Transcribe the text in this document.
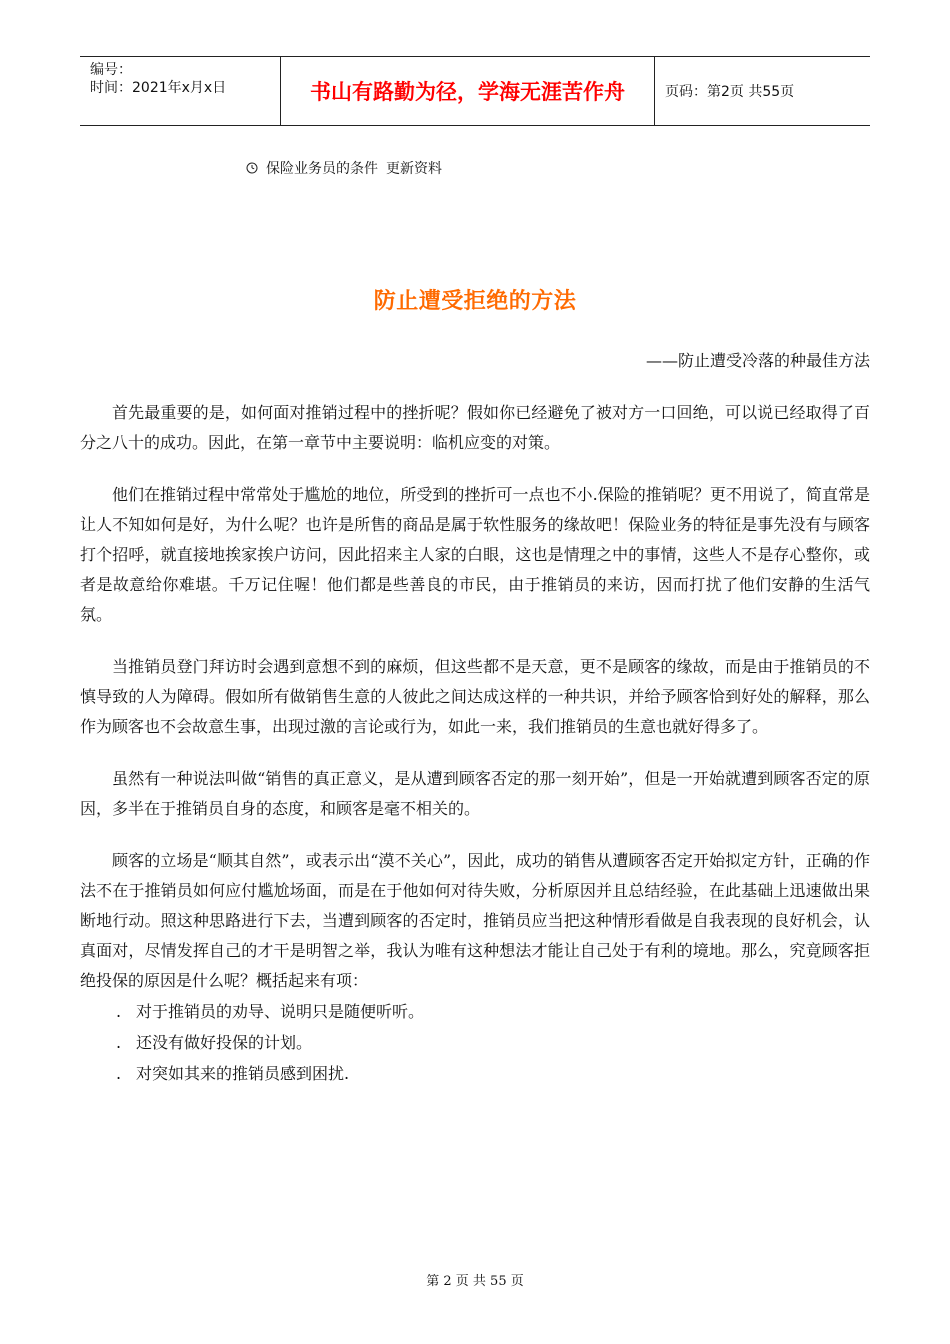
编号：
时间：2021年x月x日	书山有路勤为径，学海无涯苦作舟	页码：第2页 共55页
保险业务员的条件 更新资料
防止遭受拒绝的方法
——防止遭受冷落的种最佳方法

首先最重要的是，如何面对推销过程中的挫折呢？假如你已经避免了被对方一口回绝，可以说已经取得了百分之八十的成功。因此，在第一章节中主要说明：临机应变的对策。

他们在推销过程中常常处于尴尬的地位，所受到的挫折可一点也不小.保险的推销呢？更不用说了，简直常是让人不知如何是好，为什么呢？也许是所售的商品是属于软性服务的缘故吧！保险业务的特征是事先没有与顾客打个招呼，就直接地挨家挨户访问，因此招来主人家的白眼，这也是情理之中的事情，这些人不是存心整你，或者是故意给你难堪。千万记住喔！他们都是些善良的市民，由于推销员的来访，因而打扰了他们安静的生活气氛。

当推销员登门拜访时会遇到意想不到的麻烦，但这些都不是天意，更不是顾客的缘故，而是由于推销员的不慎导致的人为障碍。假如所有做销售生意的人彼此之间达成这样的一种共识，并给予顾客恰到好处的解释，那么作为顾客也不会故意生事，出现过激的言论或行为，如此一来，我们推销员的生意也就好得多了。

虽然有一种说法叫做“销售的真正意义，是从遭到顾客否定的那一刻开始”，但是一开始就遭到顾客否定的原因，多半在于推销员自身的态度，和顾客是毫不相关的。

顾客的立场是“顺其自然”，或表示出“漠不关心”，因此，成功的销售从遭顾客否定开始拟定方针，正确的作法不在于推销员如何应付尴尬场面，而是在于他如何对待失败，分析原因并且总结经验，在此基础上迅速做出果断地行动。照这种思路进行下去，当遭到顾客的否定时，推销员应当把这种情形看做是自我表现的良好机会，认真面对，尽情发挥自己的才干是明智之举，我认为唯有这种想法才能让自己处于有利的境地。那么，究竟顾客拒绝投保的原因是什么呢？概括起来有项：

. 对于推销员的劝导、说明只是随便听听。
. 还没有做好投保的计划。
. 对突如其来的推销员感到困扰.
第 2 页 共 55 页
